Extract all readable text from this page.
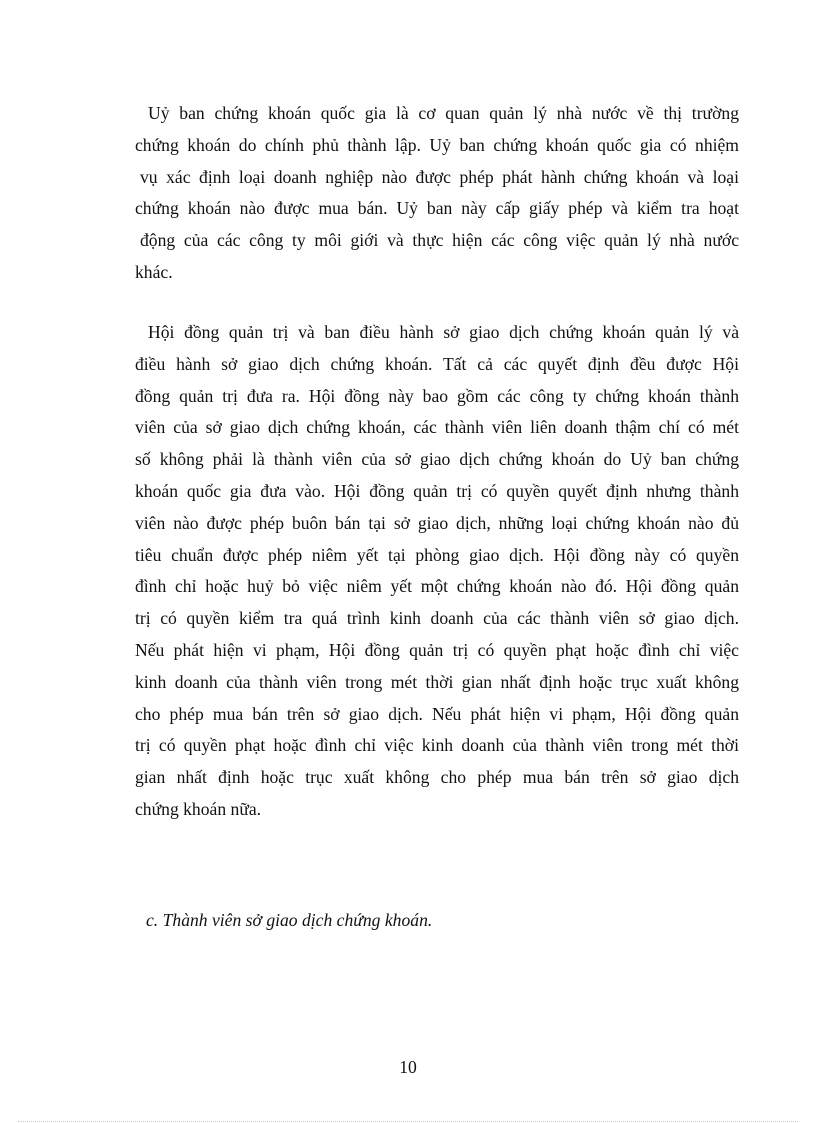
Uỷ ban chứng khoán quốc gia là cơ quan quản lý nhà nước về thị trường
chứng khoán do chính phủ thành lập. Uỷ ban chứng khoán quốc gia có nhiệm
vụ xác định loại doanh nghiệp nào được phép phát hành chứng khoán và loại
chứng khoán nào được mua bán. Uỷ ban này cấp giấy phép và kiểm tra hoạt
động của các công ty môi giới và thực hiện các công việc quản lý nhà nước
khác.
Hội đồng quản trị và ban điều hành sở giao dịch chứng khoán quản lý và
điều hành sở giao dịch chứng khoán. Tất cả các quyết định đều được Hội
đồng quản trị đưa ra. Hội đồng này bao gồm các công ty chứng khoán thành
viên của sở giao dịch chứng khoán, các thành viên liên doanh thậm chí có mét
số không phải là thành viên của sở giao dịch chứng khoán do Uỷ ban chứng
khoán quốc gia đưa vào. Hội đồng quản trị có quyền quyết định nhưng thành
viên nào được phép buôn bán tại sở giao dịch, những loại chứng khoán nào đủ
tiêu chuẩn được phép niêm yết tại phòng giao dịch. Hội đồng này có quyền
đình chỉ hoặc huỷ bỏ việc niêm yết một chứng khoán nào đó. Hội đồng quản
trị có quyền kiểm tra quá trình kinh doanh của các thành viên sở giao dịch.
Nếu phát hiện vi phạm, Hội đồng quản trị có quyền phạt hoặc đình chỉ việc
kinh doanh của thành viên trong mét thời gian nhất định hoặc trục xuất không
cho phép mua bán trên sở giao dịch. Nếu phát hiện vi phạm, Hội đồng quản
trị có quyền phạt hoặc đình chỉ việc kinh doanh của thành viên trong mét thời
gian nhất định hoặc trục xuất không cho phép mua bán trên sở giao dịch
chứng khoán nữa.
c. Thành viên sở giao dịch chứng khoán.
10
